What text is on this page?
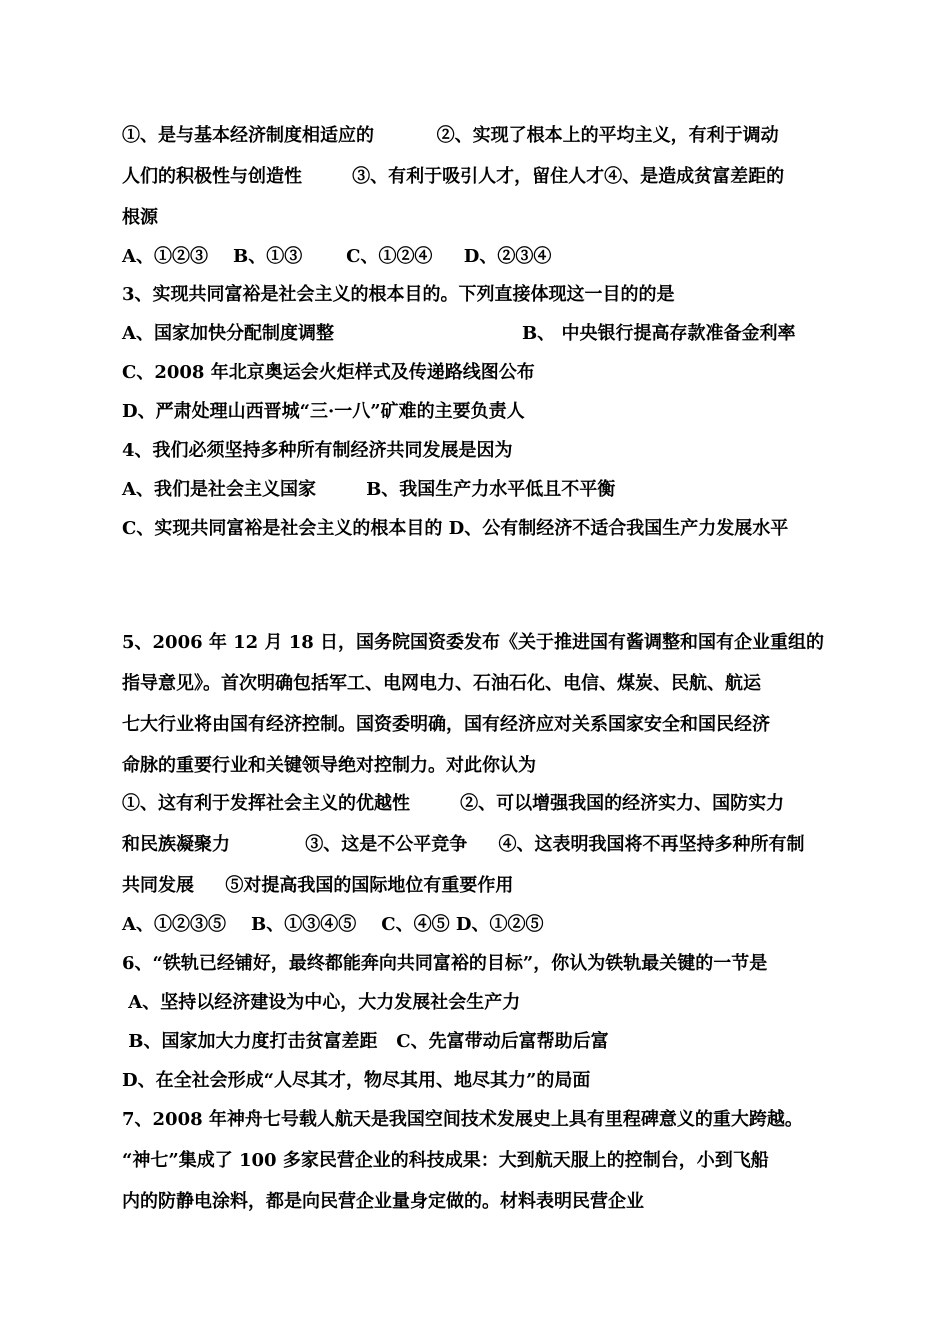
①、是与基本经济制度相适应的          ②、实现了根本上的平均主义，有利于调动
人们的积极性与创造性        ③、有利于吸引人才，留住人才④、是造成贫富差距的
根源
A、①②③    B、①③       C、①②④     D、②③④
3、实现共同富裕是社会主义的根本目的。下列直接体现这一目的的是
A、国家加快分配制度调整                              B、 中央银行提高存款准备金利率
C、2008 年北京奥运会火炬样式及传递路线图公布
D、严肃处理山西晋城“三·一八”矿难的主要负责人
4、我们必须坚持多种所有制经济共同发展是因为
A、我们是社会主义国家        B、我国生产力水平低且不平衡
C、实现共同富裕是社会主义的根本目的 D、公有制经济不适合我国生产力发展水平
5、2006 年 12 月 18 日，国务院国资委发布《关于推进国有酱调整和国有企业重组的
指导意见》。首次明确包括军工、电网电力、石油石化、电信、煤炭、民航、航运
七大行业将由国有经济控制。国资委明确，国有经济应对关系国家安全和国民经济
命脉的重要行业和关键领导绝对控制力。对此你认为
①、这有利于发挥社会主义的优越性        ②、可以增强我国的经济实力、国防实力
和民族凝聚力            ③、这是不公平竞争     ④、这表明我国将不再坚持多种所有制
共同发展     ⑤对提高我国的国际地位有重要作用
A、①②③⑤    B、①③④⑤    C、④⑤ D、①②⑤
6、“铁轨已经铺好，最终都能奔向共同富裕的目标”，你认为铁轨最关键的一节是
A、坚持以经济建设为中心，大力发展社会生产力
B、国家加大力度打击贫富差距   C、先富带动后富帮助后富
D、在全社会形成“人尽其才，物尽其用、地尽其力”的局面
7、2008 年神舟七号载人航天是我国空间技术发展史上具有里程碑意义的重大跨越。
“神七”集成了 100 多家民营企业的科技成果：大到航天服上的控制台，小到飞船
内的防静电涂料，都是向民营企业量身定做的。材料表明民营企业
